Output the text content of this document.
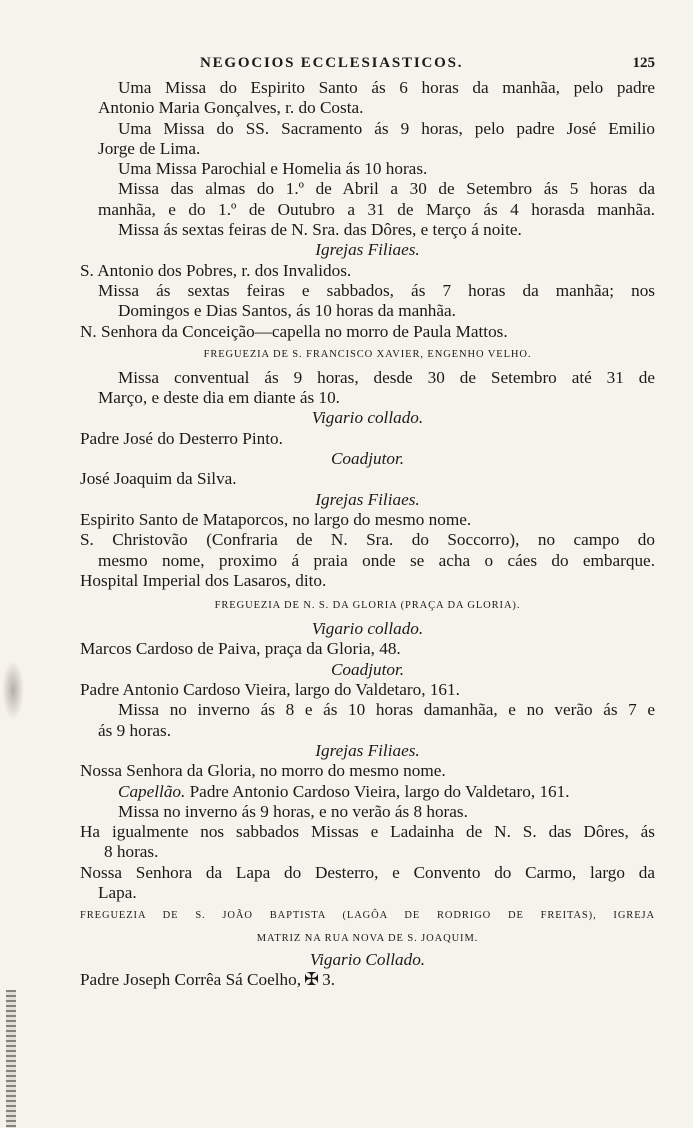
NEGOCIOS ECCLESIASTICOS.	125
Uma Missa do Espirito Santo ás 6 horas da manhãa, pelo padre
Antonio Maria Gonçalves, r. do Costa.
Uma Missa do SS. Sacramento ás 9 horas, pelo padre José Emilio
Jorge de Lima.
Uma Missa Parochial e Homelia ás 10 horas.
Missa das almas do 1.º de Abril a 30 de Setembro ás 5 horas da
manhãa, e do 1.º de Outubro a 31 de Março ás 4 horasda manhãa.
Missa ás sextas feiras de N. Sra. das Dôres, e terço á noite.
Igrejas Filiaes.
S. Antonio dos Pobres, r. dos Invalidos.
Missa ás sextas feiras e sabbados, ás 7 horas da manhãa; nos
Domingos e Dias Santos, ás 10 horas da manhãa.
N. Senhora da Conceição—capella no morro de Paula Mattos.
FREGUEZIA DE S. FRANCISCO XAVIER, ENGENHO VELHO.
Missa conventual ás 9 horas, desde 30 de Setembro até 31 de
Março, e deste dia em diante ás 10.
Vigario collado.
Padre José do Desterro Pinto.
Coadjutor.
José Joaquim da Silva.
Igrejas Filiaes.
Espirito Santo de Mataporcos, no largo do mesmo nome.
S. Christovão (Confraria de N. Sra. do Soccorro), no campo do
mesmo nome, proximo á praia onde se acha o cáes do embarque.
Hospital Imperial dos Lasaros, dito.
FREGUEZIA DE N. S. DA GLORIA (PRAÇA DA GLORIA).
Vigario collado.
Marcos Cardoso de Paiva, praça da Gloria, 48.
Coadjutor.
Padre Antonio Cardoso Vieira, largo do Valdetaro, 161.
Missa no inverno ás 8 e ás 10 horas damanhãa, e no verão ás 7 e
ás 9 horas.
Igrejas Filiaes.
Nossa Senhora da Gloria, no morro do mesmo nome.
Capellão. Padre Antonio Cardoso Vieira, largo do Valdetaro, 161.
Missa no inverno ás 9 horas, e no verão ás 8 horas.
Ha igualmente nos sabbados Missas e Ladainha de N. S. das Dôres, ás
8 horas.
Nossa Senhora da Lapa do Desterro, e Convento do Carmo, largo da
Lapa.
FREGUEZIA DE S. JOÃO BAPTISTA (LAGÔA DE RODRIGO DE FREITAS), IGREJA
MATRIZ NA RUA NOVA DE S. JOAQUIM.
Vigario Collado.
Padre Joseph Corrêa Sá Coelho, ✠ 3.
